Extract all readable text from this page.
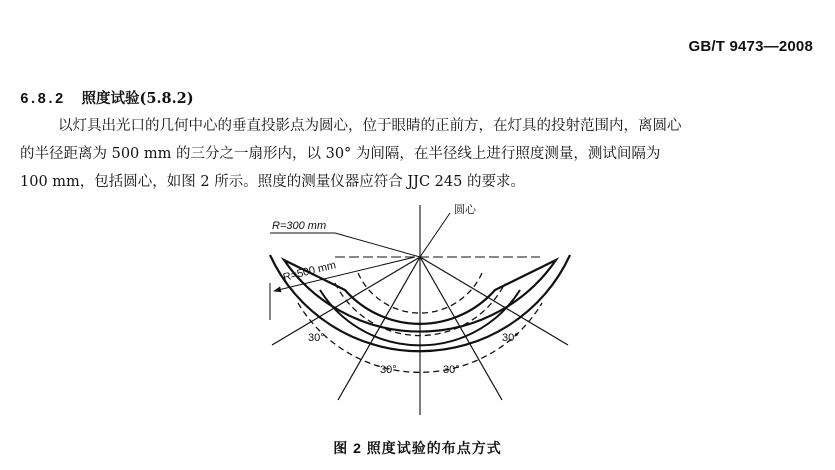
GB/T 9473—2008
6.8.2 照度试验(5.8.2)
以灯具出光口的几何中心的垂直投影点为圆心，位于眼睛的正前方，在灯具的投射范围内，离圆心
的半径距离为 500 mm 的三分之一扇形内，以 30° 为间隔，在半径线上进行照度测量，测试间隔为
100 mm，包括圆心，如图 2 所示。照度的测量仪器应符合 JJC 245 的要求。
圆心
R=300 mm
R=500 mm
30°
30°	30°
30°
图 2 照度试验的布点方式
